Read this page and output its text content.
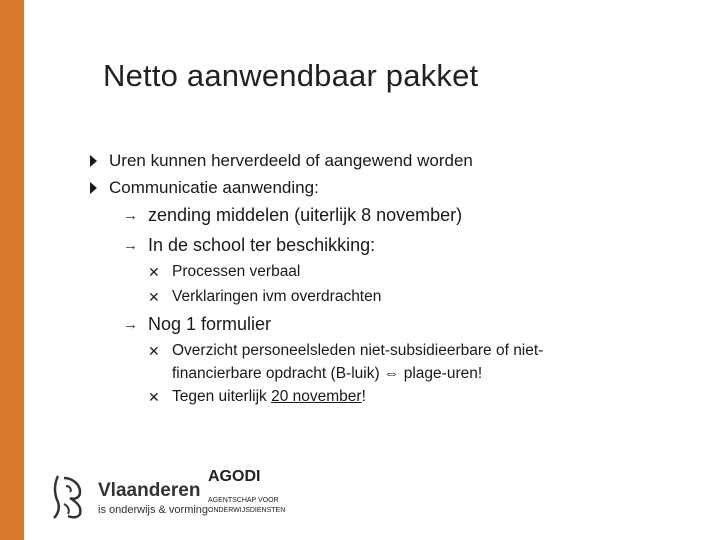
Netto aanwendbaar pakket
Uren kunnen herverdeeld of aangewend worden
Communicatie aanwending:
→ zending middelen (uiterlijk 8 november)
→ In de school ter beschikking:
✕ Processen verbaal
✕ Verklaringen ivm overdrachten
→ Nog 1 formulier
✕ Overzicht personeelsleden niet-subsidieerbare of niet-
financierbare opdracht (B-luik) ⇔ plage-uren!
✕ Tegen uiterlijk 20 november!
Vlaanderen
is onderwijs & vorming
AGODI
AGENTSCHAP VOOR
ONDERWIJSDIENSTEN
